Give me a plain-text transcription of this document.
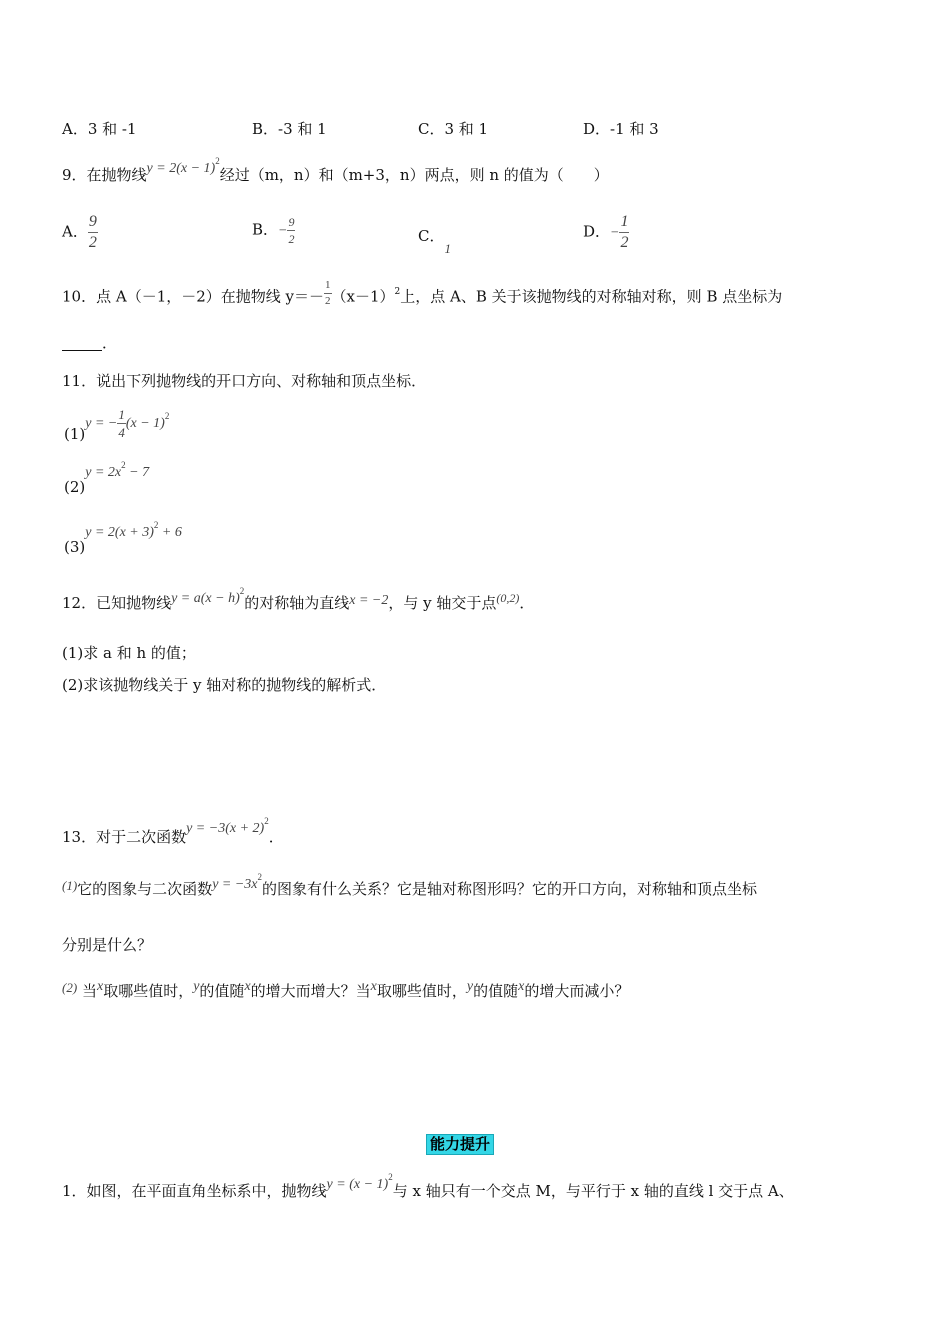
A．3 和 -1	B．-3 和 1	C．3 和 1	D．-1 和 3
9．在抛物线$y = 2(x - 1)^2$经过（m，n）和（m+3，n）两点，则 n 的值为（　　）
A． $\frac{9}{2}$	B．− $\frac{9}{2}$	C．1
D．− $\frac{1}{2}$
10．点 A（－1，－2）在抛物线 $y=- \frac{1}{2} (x-1)^2$上，点 A、B 关于该抛物线的对称轴对称，则 B 点坐标为
．
11．说出下列抛物线的开口方向、对称轴和顶点坐标．
(1)y = − $\frac{1}{4} (x - 1)^2$
$(2)y = 2x^2 - 7$
$(3)y = 2(x + 3)^2 + 6$
12．已知抛物线$y = a(x - h)^2$的对称轴为直线x = −2，与 y 轴交于点$^{(0,2)}$．
(1)求 a 和 h 的值；
(2)求该抛物线关于 y 轴对称的抛物线的解析式．
13．对于二次函数$y = -3(x + 2)^2$．
(1)它的图象与二次函数$y = -3x^2$的图象有什么关系？它是轴对称图形吗？它的开口方向，对称轴和顶点坐标
分别是什么？
(2) 当x取哪些值时，y的值随x的增大而增大？当x取哪些值时，y的值随x的增大而减小？
能力提升
1．如图，在平面直角坐标系中，抛物线$y = (x - 1)^2$与 x 轴只有一个交点 M，与平行于 x 轴的直线 l 交于点 A、
